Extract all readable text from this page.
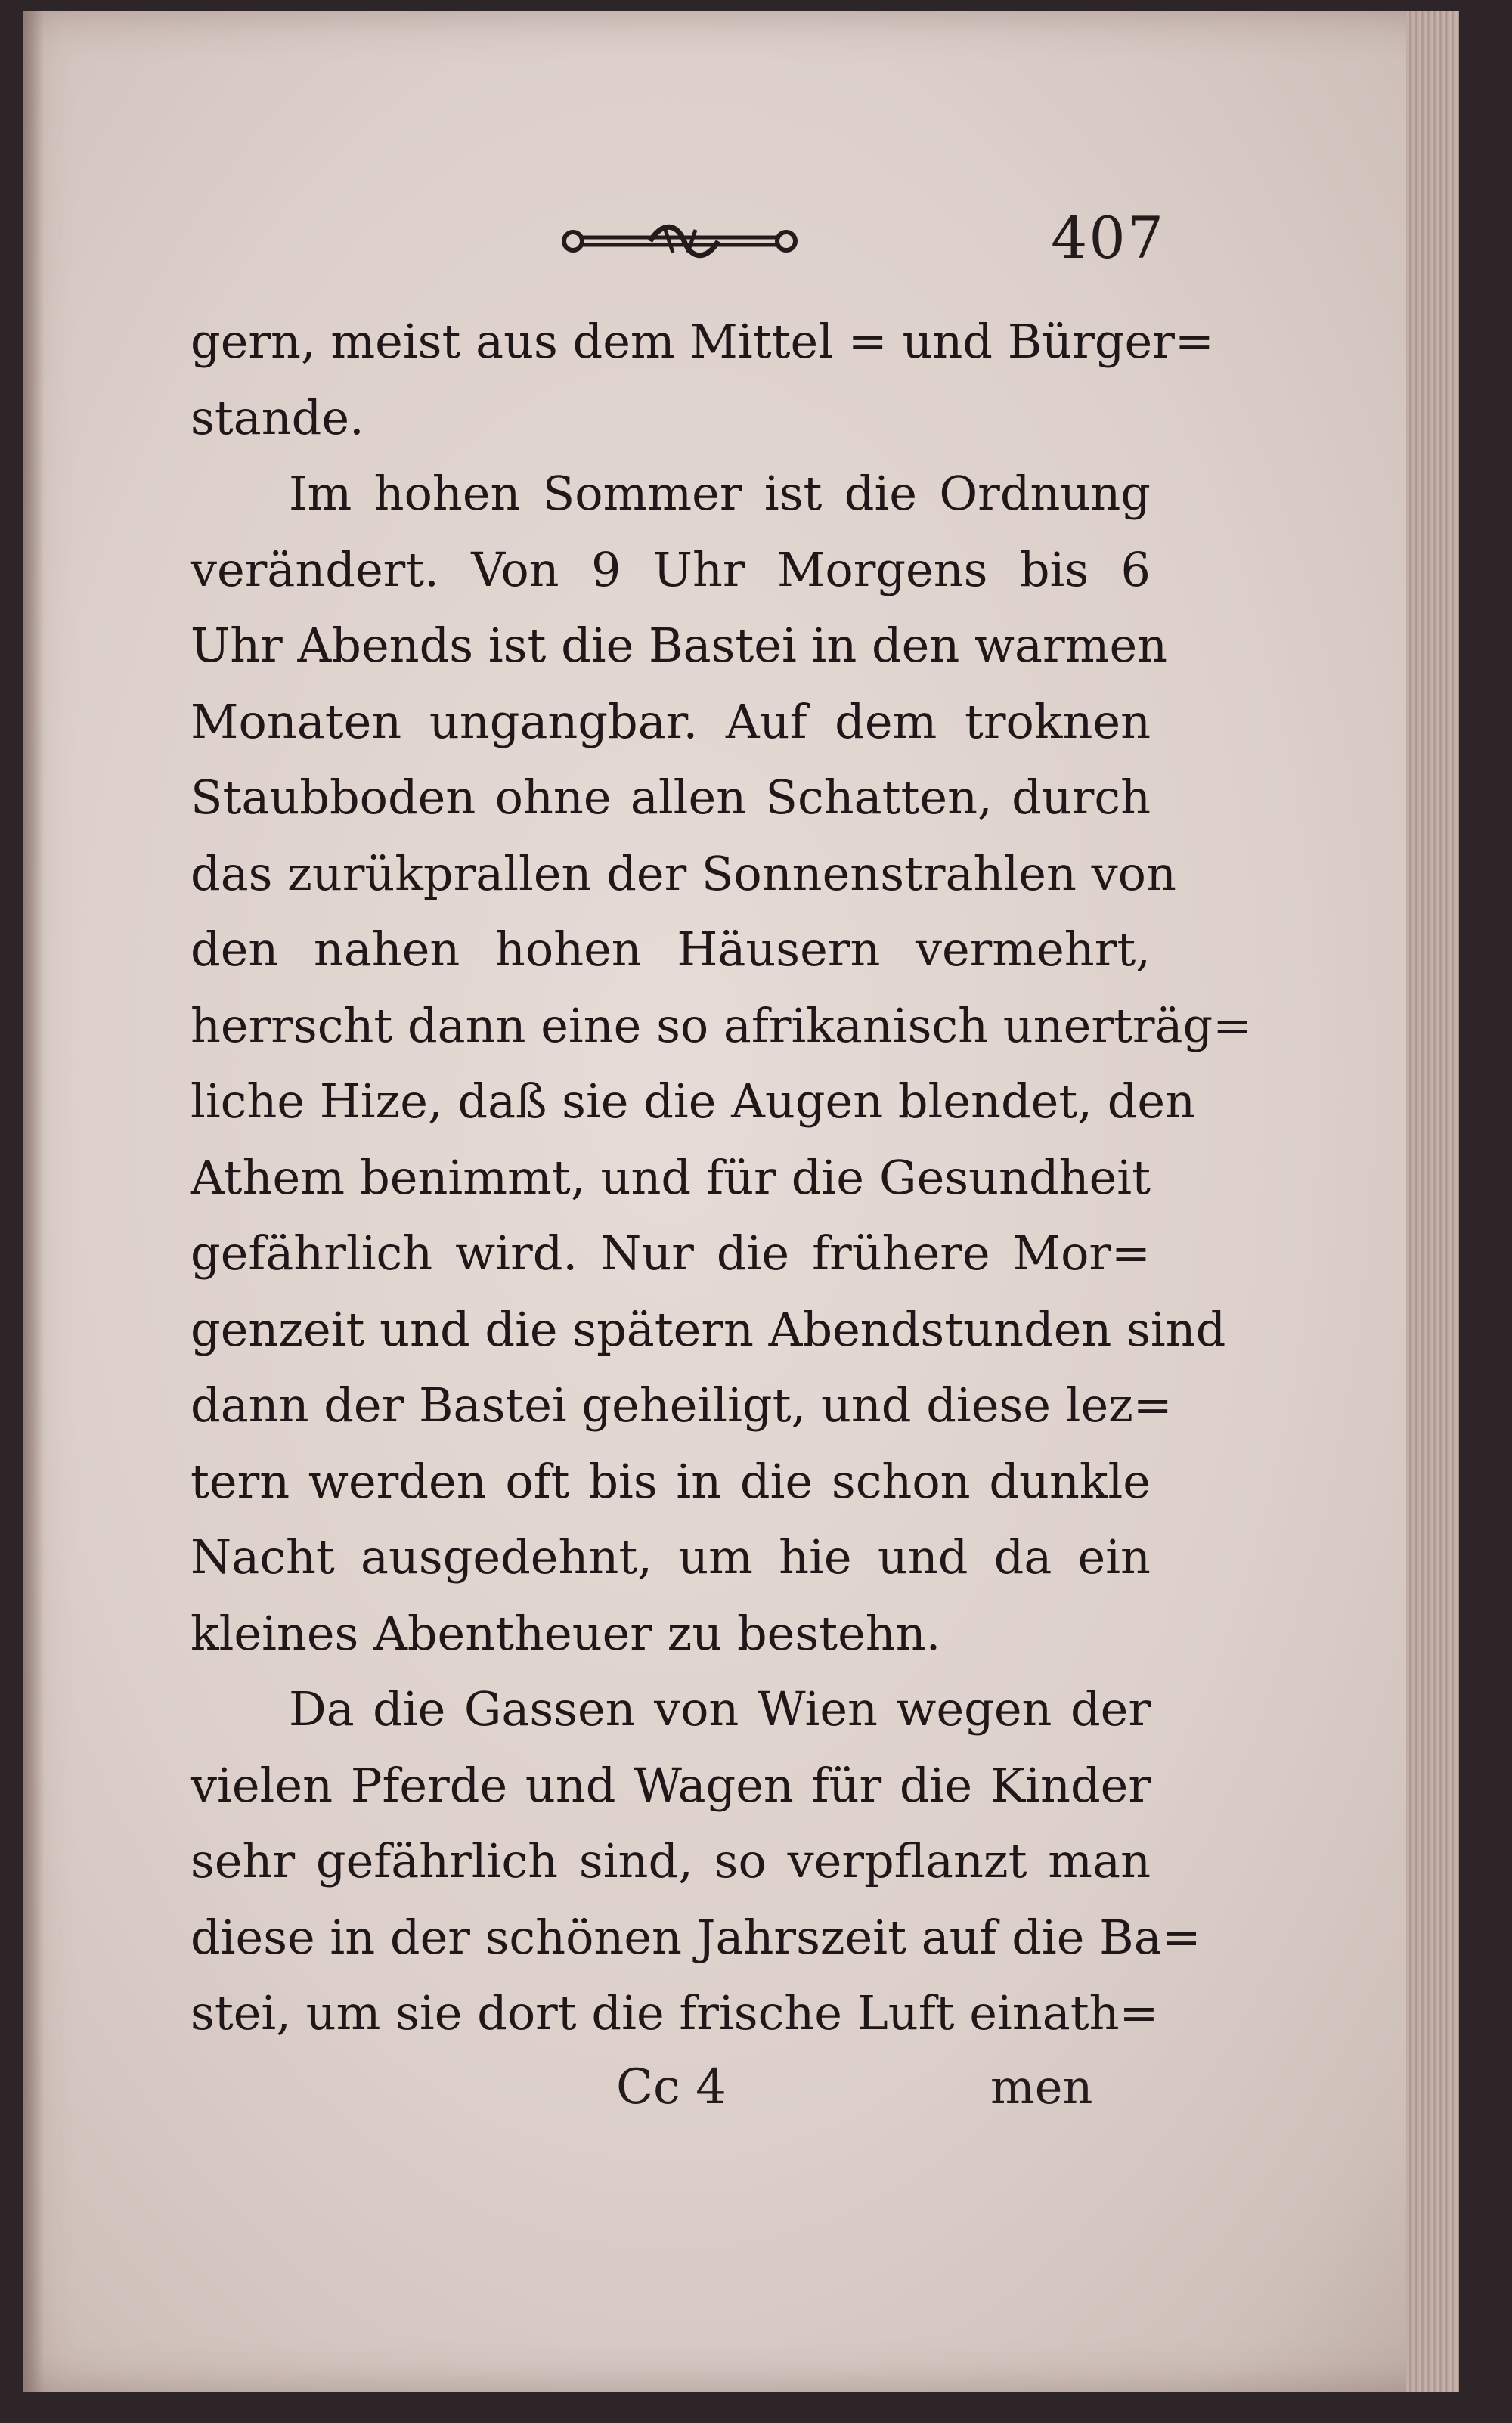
407
gern, meist aus dem Mittel = und Bürger=
stande.
Im hohen Sommer ist die Ordnung
verändert. Von 9 Uhr Morgens bis 6
Uhr Abends ist die Bastei in den warmen
Monaten ungangbar. Auf dem troknen
Staubboden ohne allen Schatten, durch
das zurükprallen der Sonnenstrahlen von
den nahen hohen Häusern vermehrt,
herrscht dann eine so afrikanisch unerträg=
liche Hize, daß sie die Augen blendet, den
Athem benimmt, und für die Gesundheit
gefährlich wird. Nur die frühere Mor=
genzeit und die spätern Abendstunden sind
dann der Bastei geheiligt, und diese lez=
tern werden oft bis in die schon dunkle
Nacht ausgedehnt, um hie und da ein
kleines Abentheuer zu bestehn.
Da die Gassen von Wien wegen der
vielen Pferde und Wagen für die Kinder
sehr gefährlich sind, so verpflanzt man
diese in der schönen Jahrszeit auf die Ba=
stei, um sie dort die frische Luft einath=
Cc 4	men
